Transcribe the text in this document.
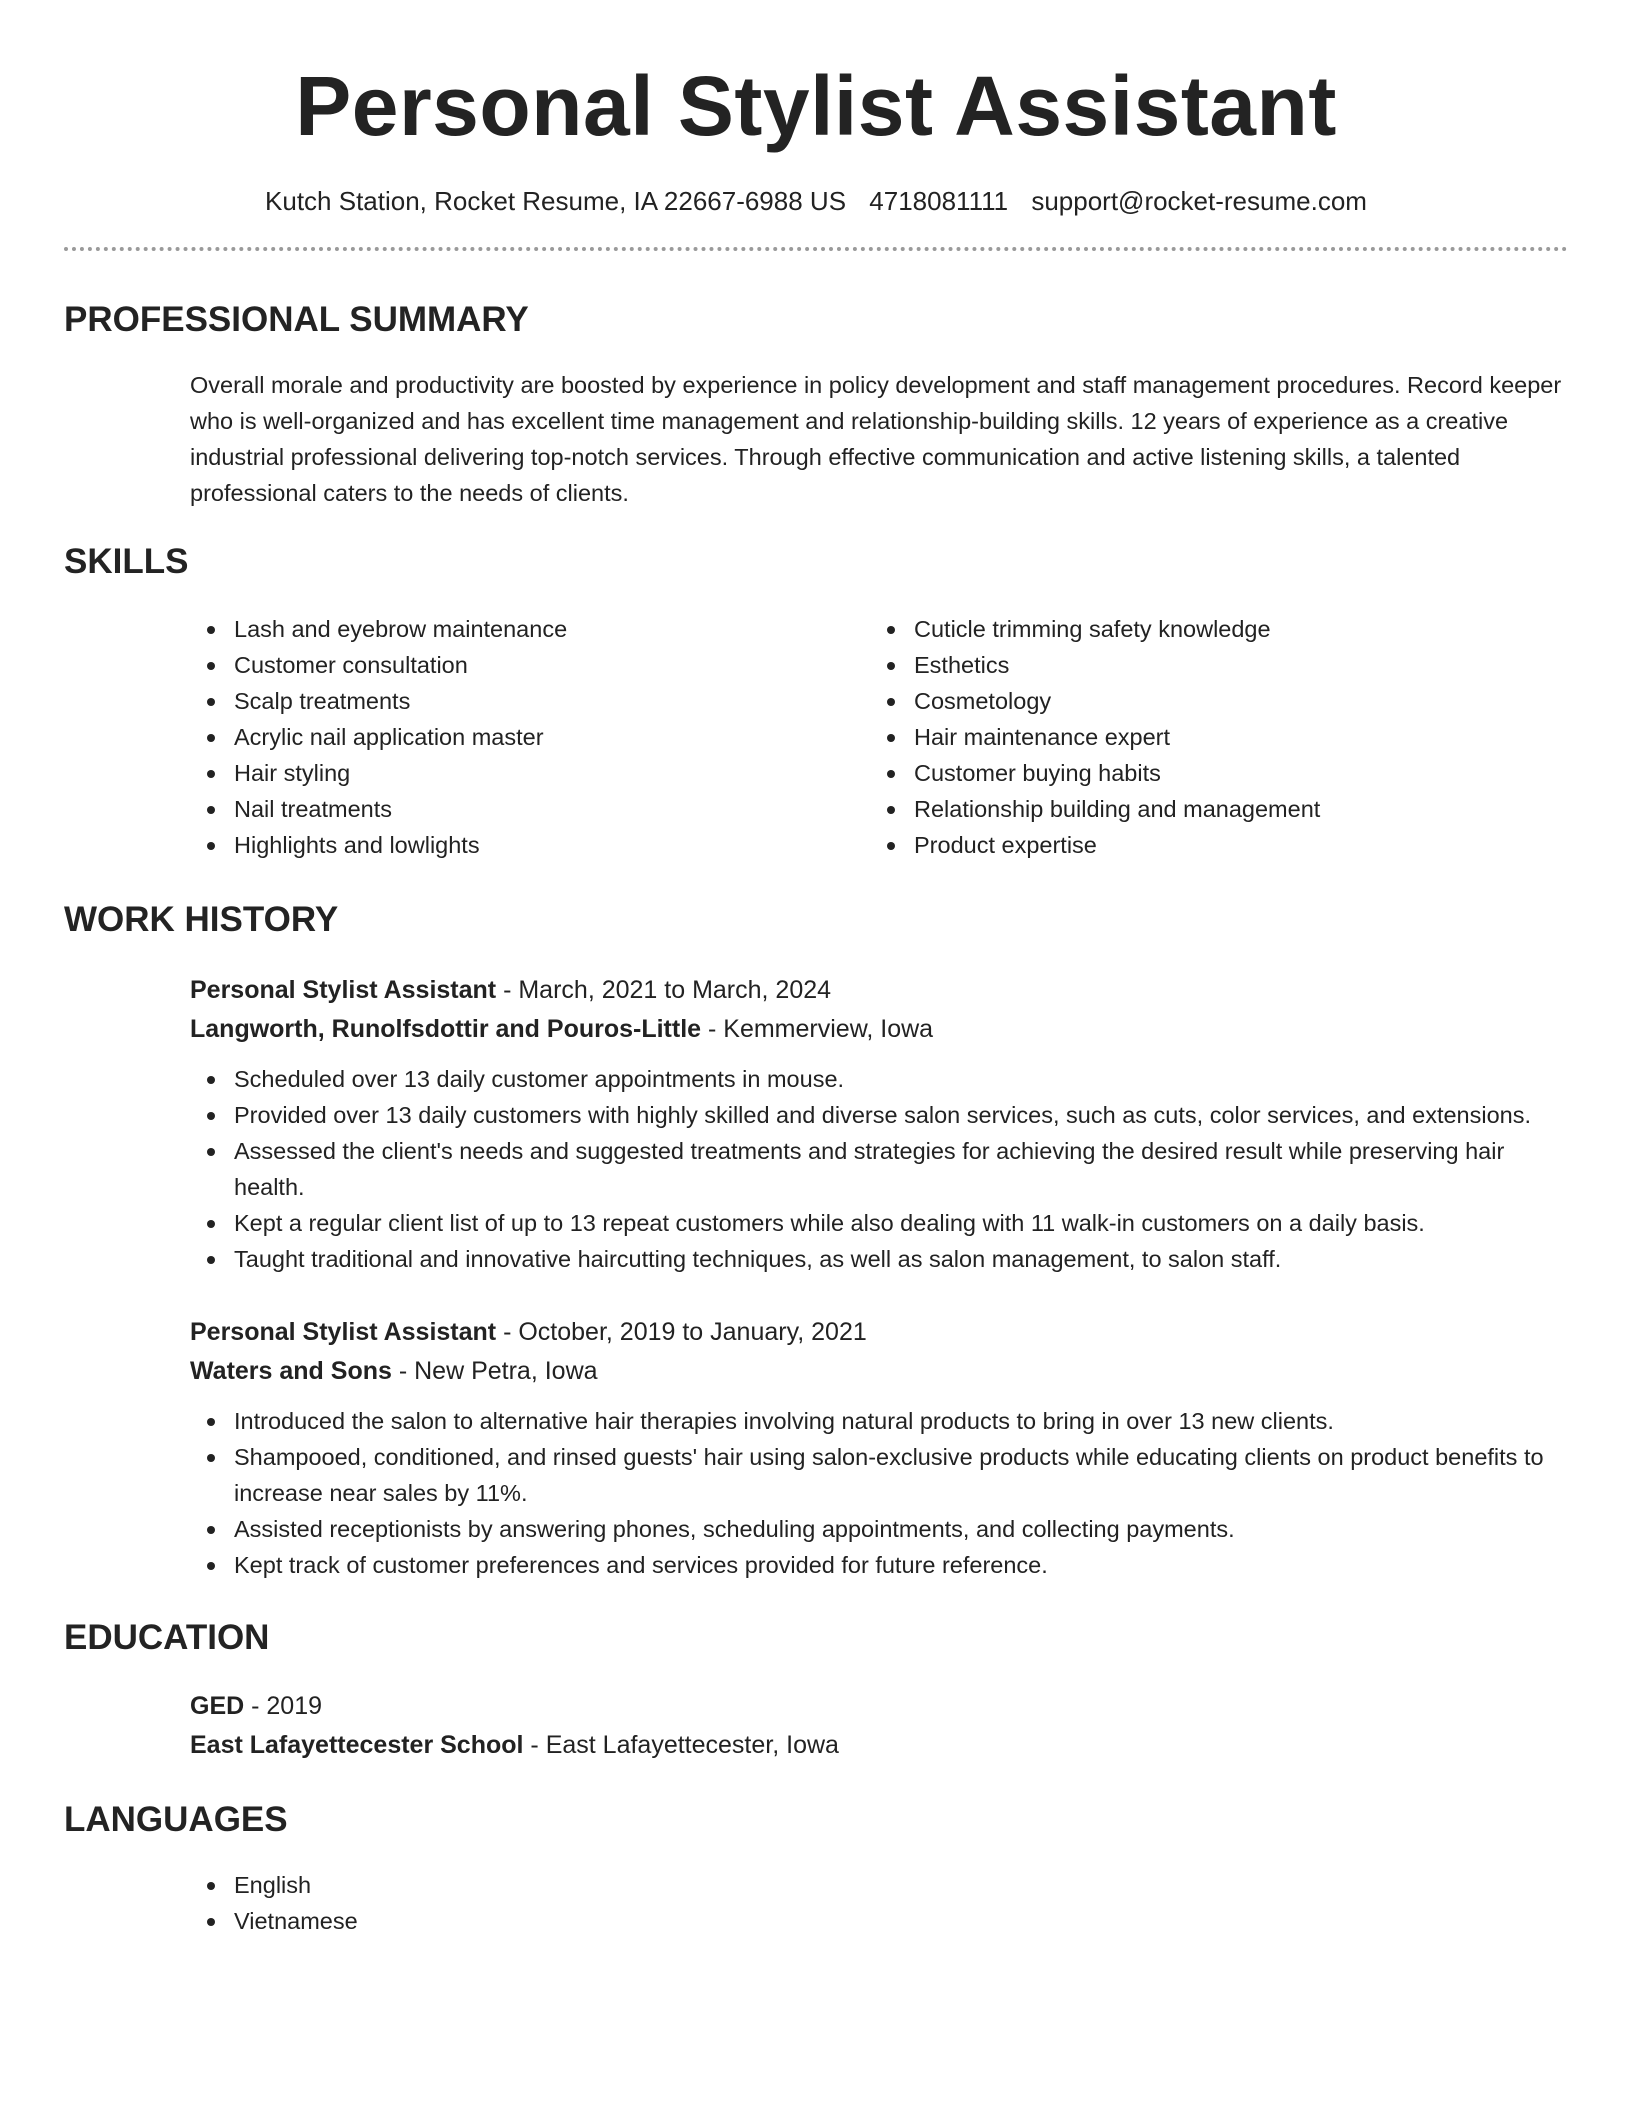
Personal Stylist Assistant
Kutch Station, Rocket Resume, IA 22667-6988 US 4718081111 support@rocket-resume.com
PROFESSIONAL SUMMARY

Overall morale and productivity are boosted by experience in policy development and staff management procedures. Record keeper who is well-organized and has excellent time management and relationship-building skills. 12 years of experience as a creative industrial professional delivering top-notch services. Through effective communication and active listening skills, a talented professional caters to the needs of clients.

SKILLS
Lash and eyebrow maintenance
Customer consultation
Scalp treatments
Acrylic nail application master
Hair styling
Nail treatments
Highlights and lowlights
Cuticle trimming safety knowledge
Esthetics
Cosmetology
Hair maintenance expert
Customer buying habits
Relationship building and management
Product expertise
WORK HISTORY
Personal Stylist Assistant - March, 2021 to March, 2024
Langworth, Runolfsdottir and Pouros-Little - Kemmerview, Iowa
Scheduled over 13 daily customer appointments in mouse.
Provided over 13 daily customers with highly skilled and diverse salon services, such as cuts, color services, and extensions.
Assessed the client's needs and suggested treatments and strategies for achieving the desired result while preserving hair health.
Kept a regular client list of up to 13 repeat customers while also dealing with 11 walk-in customers on a daily basis.
Taught traditional and innovative haircutting techniques, as well as salon management, to salon staff.
Personal Stylist Assistant - October, 2019 to January, 2021
Waters and Sons - New Petra, Iowa
Introduced the salon to alternative hair therapies involving natural products to bring in over 13 new clients.
Shampooed, conditioned, and rinsed guests' hair using salon-exclusive products while educating clients on product benefits to increase near sales by 11%.
Assisted receptionists by answering phones, scheduling appointments, and collecting payments.
Kept track of customer preferences and services provided for future reference.
EDUCATION
GED - 2019
East Lafayettecester School - East Lafayettecester, Iowa
LANGUAGES
English
Vietnamese
